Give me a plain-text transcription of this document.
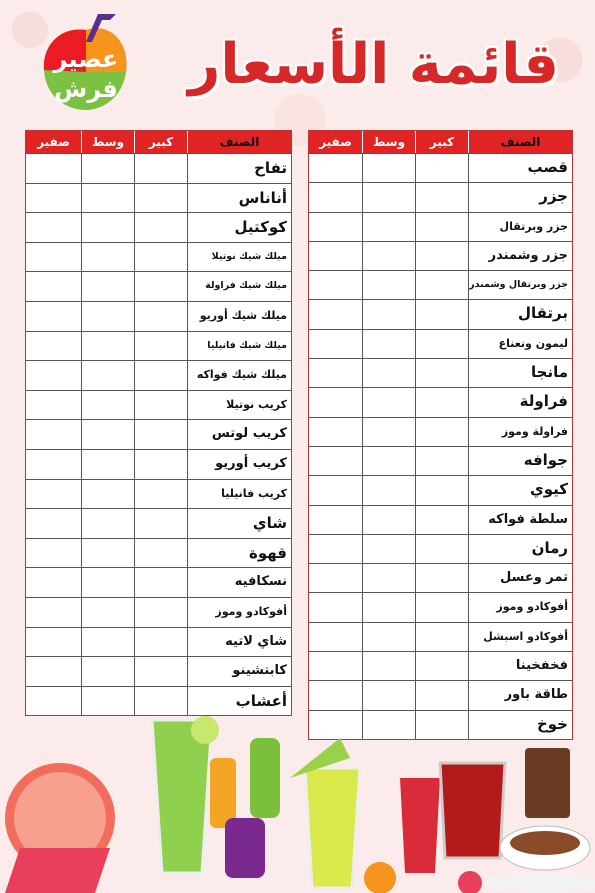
عصير
فرش قائمة الأسعار
الصنف
كبير
وسط
صفير
تفاح
أناناس
كوكتيل
ميلك شيك نوتيلا
ميلك شيك فراولة
ميلك شيك أوريو
ميلك شيك فانيليا
ميلك شيك فواكه
كريب نوتيلا
كريب لوتس
كريب أوريو
كريب فانيليا
شاي
قهوة
نسكافيه
أفوكادو وموز
شاي لاتيه
كابتشينو
أعشاب
الصنف
كبير
وسط
صفير
قصب
جزر
جزر وبرتقال
جزر وشمندر
جزر وبرتقال وشمندر
برتقال
ليمون ونعناع
مانجا
فراولة
فراولة وموز
جوافه
كيوي
سلطة فواكه
رمان
تمر وعسل
أفوكادو وموز
أفوكادو اسبشل
فخفخينا
طاقة باور
خوخ
